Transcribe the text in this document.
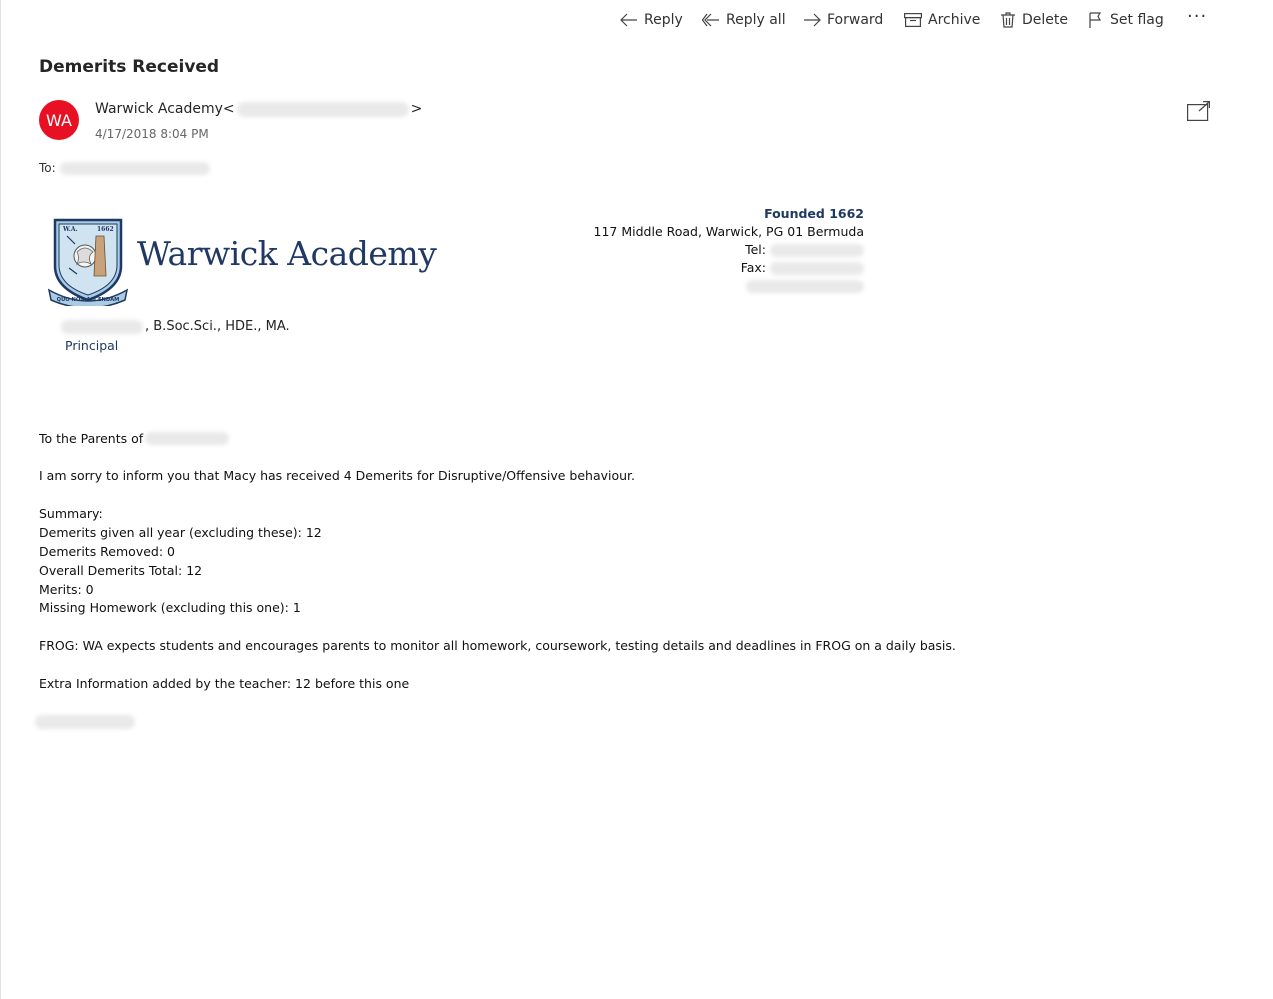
Reply	Reply all	Forward	Archive	Delete	Set flag ···
Demerits Received
WA
Warwick Academy <	>
4/17/2018 8:04 PM
To:
W.A.	1662
QUO NON ASCENDAM
Warwick Academy
Founded 1662
117 Middle Road, Warwick, PG 01 Bermuda
Tel:
Fax:
, B.Soc.Sci., HDE., MA.
Principal
To the Parents of
I am sorry to inform you that Macy has received 4 Demerits for Disruptive/Offensive behaviour.
Summary:
Demerits given all year (excluding these): 12
Demerits Removed: 0
Overall Demerits Total: 12
Merits: 0
Missing Homework (excluding this one): 1
FROG: WA expects students and encourages parents to monitor all homework, coursework, testing details and deadlines in FROG on a daily basis.
Extra Information added by the teacher: 12 before this one
